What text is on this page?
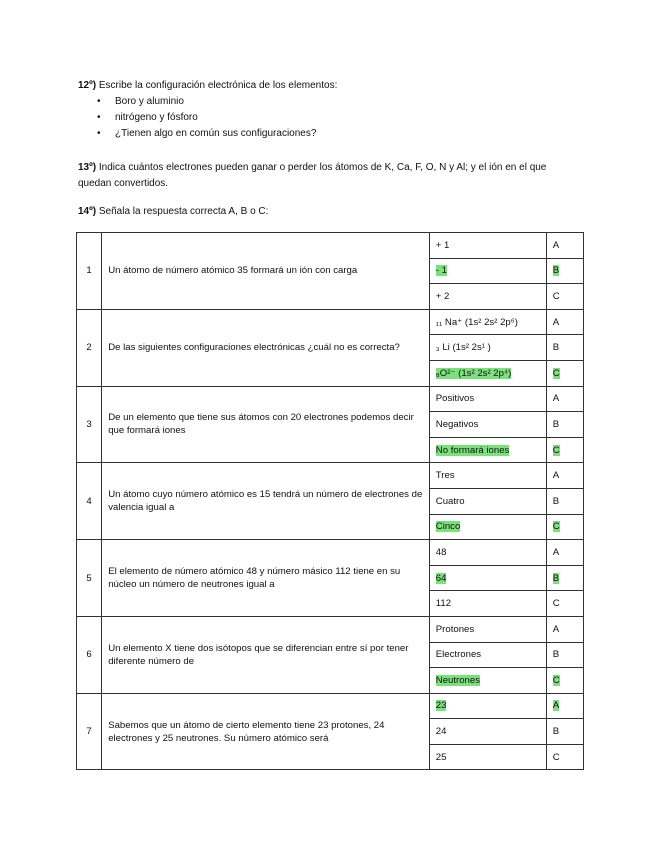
12º) Escribe la configuración electrónica de los elementos:
• Boro y aluminio
• nitrógeno y fósforo
• ¿Tienen algo en común sus configuraciones?
13º) Indica cuántos electrones pueden ganar o perder los átomos de K, Ca, F, O, N y Al; y el ión en el que
quedan convertidos.
14º) Señala la respuesta correcta A, B o C:
1	Un átomo de número atómico 35 formará un ión con carga	+ 1	A
		- 1	B
		+ 2	C
2	De las siguientes configuraciones electrónicas ¿cuál no es correcta?	₁₁ Na⁺ (1s² 2s² 2p⁶)	A
		₃ Li (1s² 2s¹ )	B
		₈O²⁻ (1s² 2s² 2p⁴)	C
3	De un elemento que tiene sus átomos con 20 electrones podemos decir que formará iones	Positivos	A
		Negativos	B
		No formará iones	C
4	Un átomo cuyo número atómico es 15 tendrá un número de electrones de valencia igual a	Tres	A
		Cuatro	B
		Cinco	C
5	El elemento de número atómico 48 y número másico 112 tiene en su núcleo un número de neutrones igual a	48	A
		64	B
		112	C
6	Un elemento X tiene dos isótopos que se diferencian entre sí por tener diferente número de	Protones	A
		Electrones	B
		Neutrones	C
7	Sabemos que un átomo de cierto elemento tiene 23 protones, 24 electrones y 25 neutrones. Su número atómico será	23	A
		24	B
		25	C
